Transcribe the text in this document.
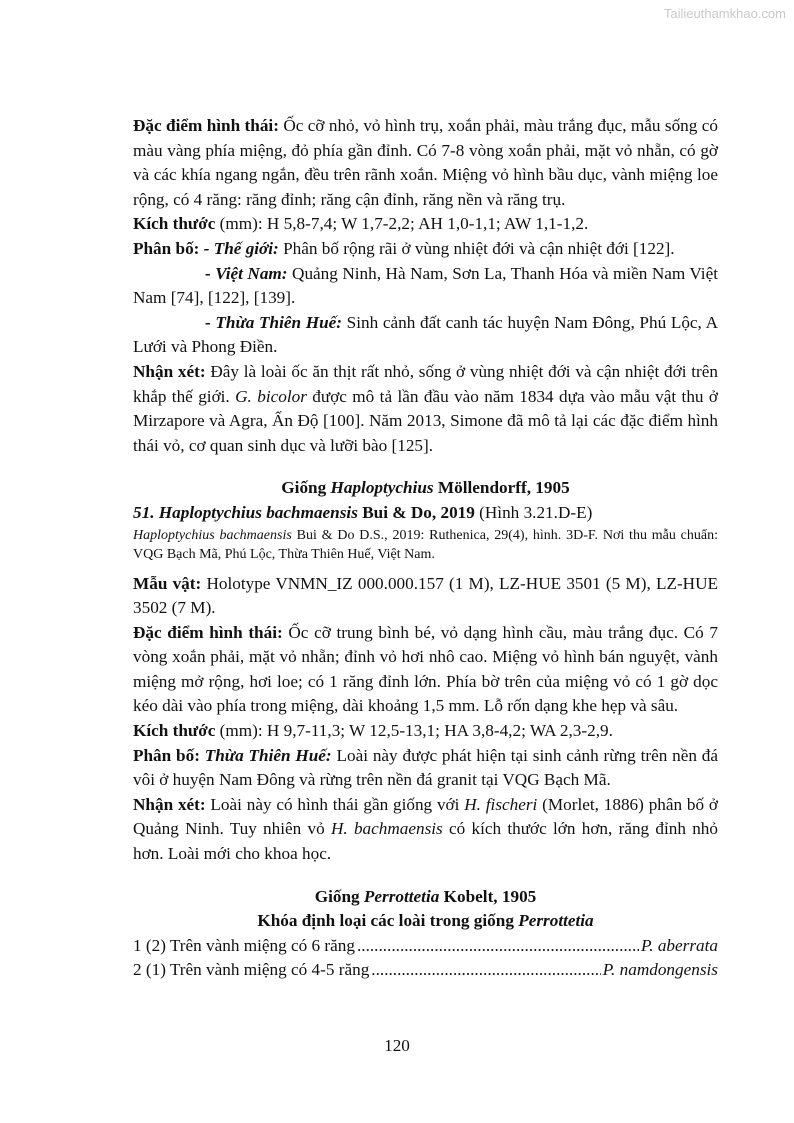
Tailieuthamkhao.com

Đặc điểm hình thái: Ốc cỡ nhỏ, vỏ hình trụ, xoắn phải, màu trắng đục, mẫu sống có màu vàng phía miệng, đỏ phía gần đỉnh. Có 7-8 vòng xoắn phải, mặt vỏ nhẵn, có gờ và các khía ngang ngắn, đều trên rãnh xoắn. Miệng vỏ hình bầu dục, vành miệng loe rộng, có 4 răng: răng đỉnh; răng cận đỉnh, răng nền và răng trụ.

Kích thước (mm): H 5,8-7,4; W 1,7-2,2; AH 1,0-1,1; AW 1,1-1,2.

Phân bố: - Thế giới: Phân bố rộng rãi ở vùng nhiệt đới và cận nhiệt đới [122].

- Việt Nam: Quảng Ninh, Hà Nam, Sơn La, Thanh Hóa và miền Nam Việt Nam [74], [122], [139].

- Thừa Thiên Huế: Sinh cảnh đất canh tác huyện Nam Đông, Phú Lộc, A Lưới và Phong Điền.

Nhận xét: Đây là loài ốc ăn thịt rất nhỏ, sống ở vùng nhiệt đới và cận nhiệt đới trên khắp thế giới. G. bicolor được mô tả lần đầu vào năm 1834 dựa vào mẫu vật thu ở Mirzapore và Agra, Ấn Độ [100]. Năm 2013, Simone đã mô tả lại các đặc điểm hình thái vỏ, cơ quan sinh dục và lưỡi bào [125].

Giống Haploptychius Möllendorff, 1905

51. Haploptychius bachmaensis Bui & Do, 2019 (Hình 3.21.D-E)

Haploptychius bachmaensis Bui & Do D.S., 2019: Ruthenica, 29(4), hình. 3D-F. Nơi thu mẫu chuẩn: VQG Bạch Mã, Phú Lộc, Thừa Thiên Huế, Việt Nam.

Mẫu vật: Holotype VNMN_IZ 000.000.157 (1 M), LZ-HUE 3501 (5 M), LZ-HUE 3502 (7 M).

Đặc điểm hình thái: Ốc cỡ trung bình bé, vỏ dạng hình cầu, màu trắng đục. Có 7 vòng xoắn phải, mặt vỏ nhẵn; đỉnh vỏ hơi nhô cao. Miệng vỏ hình bán nguyệt, vành miệng mở rộng, hơi loe; có 1 răng đỉnh lớn. Phía bờ trên của miệng vỏ có 1 gờ dọc kéo dài vào phía trong miệng, dài khoảng 1,5 mm. Lỗ rốn dạng khe hẹp và sâu.

Kích thước (mm): H 9,7-11,3; W 12,5-13,1; HA 3,8-4,2; WA 2,3-2,9.

Phân bố: Thừa Thiên Huế: Loài này được phát hiện tại sinh cảnh rừng trên nền đá vôi ở huyện Nam Đông và rừng trên nền đá granit tại VQG Bạch Mã.

Nhận xét: Loài này có hình thái gần giống với H. fischeri (Morlet, 1886) phân bố ở Quảng Ninh. Tuy nhiên vỏ H. bachmaensis có kích thước lớn hơn, răng đỉnh nhỏ hơn. Loài mới cho khoa học.

Giống Perrottetia Kobelt, 1905

Khóa định loại các loài trong giống Perrottetia

1 (2) Trên vành miệng có 6 răng .....	P. aberrata
2 (1) Trên vành miệng có 4-5 răng .....	P. namdongensis
120
